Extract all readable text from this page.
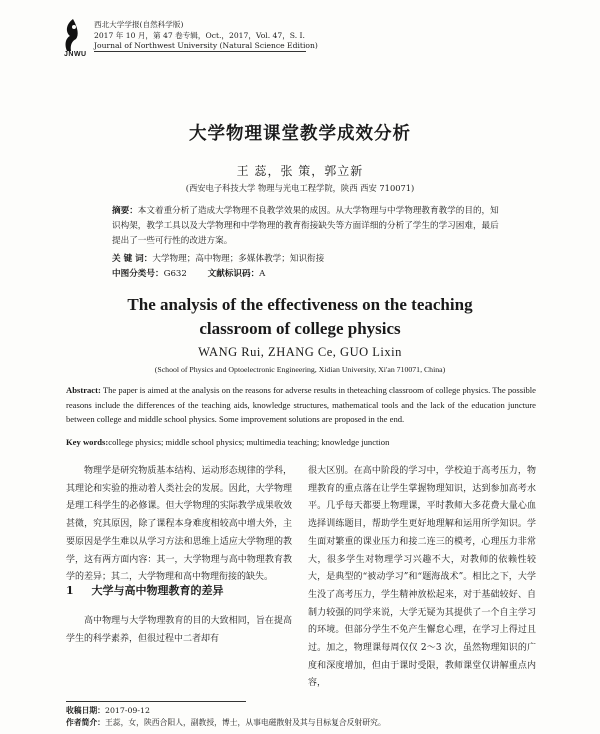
JNWU
西北大学学报(自然科学版)
2017 年 10 月，第 47 卷专辑，Oct.，2017，Vol. 47，S. I.
Journal of Northwest University (Natural Science Edition)
大学物理课堂教学成效分析
王 蕊，张 策，郭立新
(西安电子科技大学 物理与光电工程学院，陕西 西安 710071)
摘要：本文着重分析了造成大学物理不良教学效果的成因。从大学物理与中学物理教育教学的目的，知识构架，教学工具以及大学物理和中学物理的教育衔接缺失等方面详细的分析了学生的学习困难，最后提出了一些可行性的改进方案。
关 键 词：大学物理；高中物理；多媒体教学；知识衔接
中图分类号：G632 文献标识码：A
The analysis of the effectiveness on the teaching
classroom of college physics
WANG Rui, ZHANG Ce, GUO Lixin
(School of Physics and Optoelectronic Engineering, Xidian University, Xi'an 710071, China)
Abstract: The paper is aimed at the analysis on the reasons for adverse results in theteaching classroom of college physics. The possible reasons include the differences of the teaching aids, knowledge structures, mathematical tools and the lack of the education juncture between college and middle school physics. Some improvement solutions are proposed in the end.
Key words:college physics; middle school physics; multimedia teaching; knowledge junction
物理学是研究物质基本结构、运动形态规律的学科，其理论和实验的推动着人类社会的发展。因此，大学物理是理工科学生的必修课。但大学物理的实际教学成果收效甚微，究其原因，除了课程本身难度相较高中增大外，主要原因是学生难以从学习方法和思维上适应大学物理的教学，这有两方面内容：其一，大学物理与高中物理教育教学的差异；其二，大学物理和高中物理衔接的缺失。
1 大学与高中物理教育的差异
高中物理与大学物理教育的目的大致相同，旨在提高学生的科学素养，但很过程中二者却有
很大区别。在高中阶段的学习中，学校迫于高考压力，物理教育的重点落在让学生掌握物理知识，达到参加高考水平。几乎每天都要上物理课，平时教师大多花费大量心血选择训练题目，帮助学生更好地理解和运用所学知识。学生面对繁重的课业压力和接二连三的模考，心理压力非常大，很多学生对物理学习兴趣不大，对教师的依赖性较大，是典型的“被动学习”和“题海战术”。相比之下，大学生没了高考压力，学生精神放松起来，对于基础较好、自制力较强的同学来说，大学无疑为其提供了一个自主学习的环境。但部分学生不免产生懈怠心理，在学习上得过且过。加之，物理课每周仅仅 2～3 次，虽然物理知识的广度和深度增加，但由于课时受限，教师课堂仅讲解重点内容，
收稿日期：2017-09-12
作者简介：王蕊，女，陕西合阳人，副教授，博士，从事电磁散射及其与目标复合反射研究。
